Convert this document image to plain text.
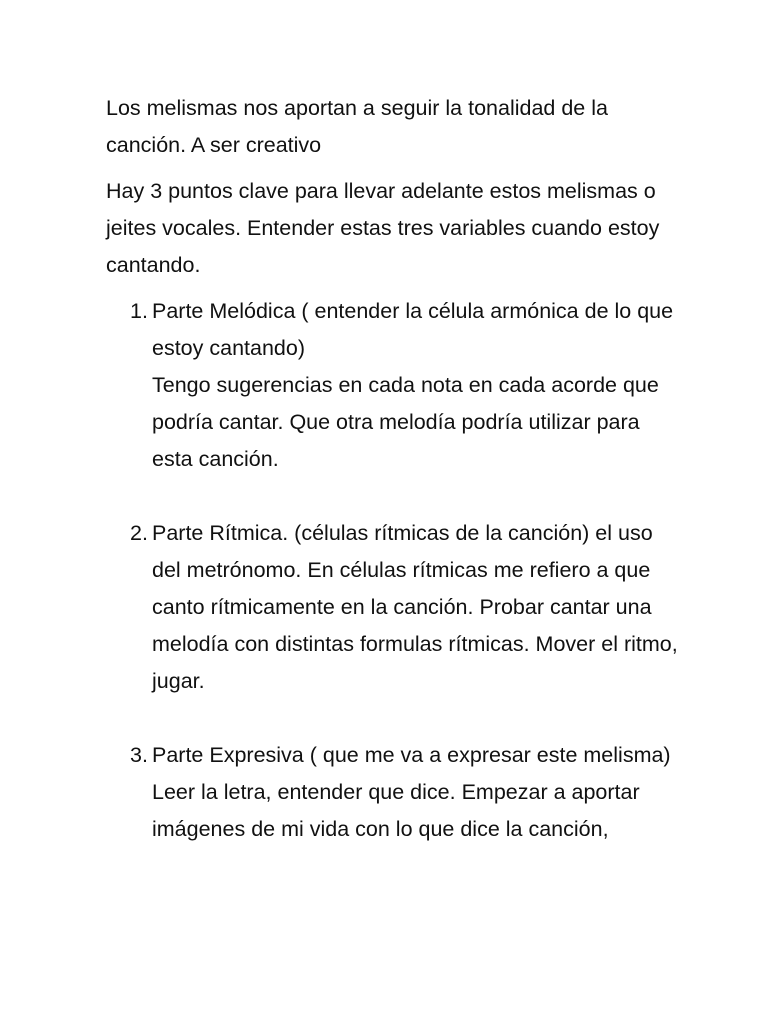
Los melismas nos aportan a seguir la tonalidad de la canción. A ser creativo

Hay 3 puntos clave para llevar adelante estos melismas o jeites vocales. Entender estas tres variables cuando estoy cantando.

1. Parte Melódica ( entender la célula armónica de lo que estoy cantando)
Tengo sugerencias en cada nota en cada acorde que podría cantar. Que otra melodía podría utilizar para esta canción.
2. Parte Rítmica. (células rítmicas de la canción) el uso del metrónomo. En células rítmicas me refiero a que canto rítmicamente en la canción. Probar cantar una melodía con distintas formulas rítmicas. Mover el ritmo, jugar.
3. Parte Expresiva ( que me va a expresar este melisma)
Leer la letra, entender que dice. Empezar a aportar imágenes de mi vida con lo que dice la canción,
